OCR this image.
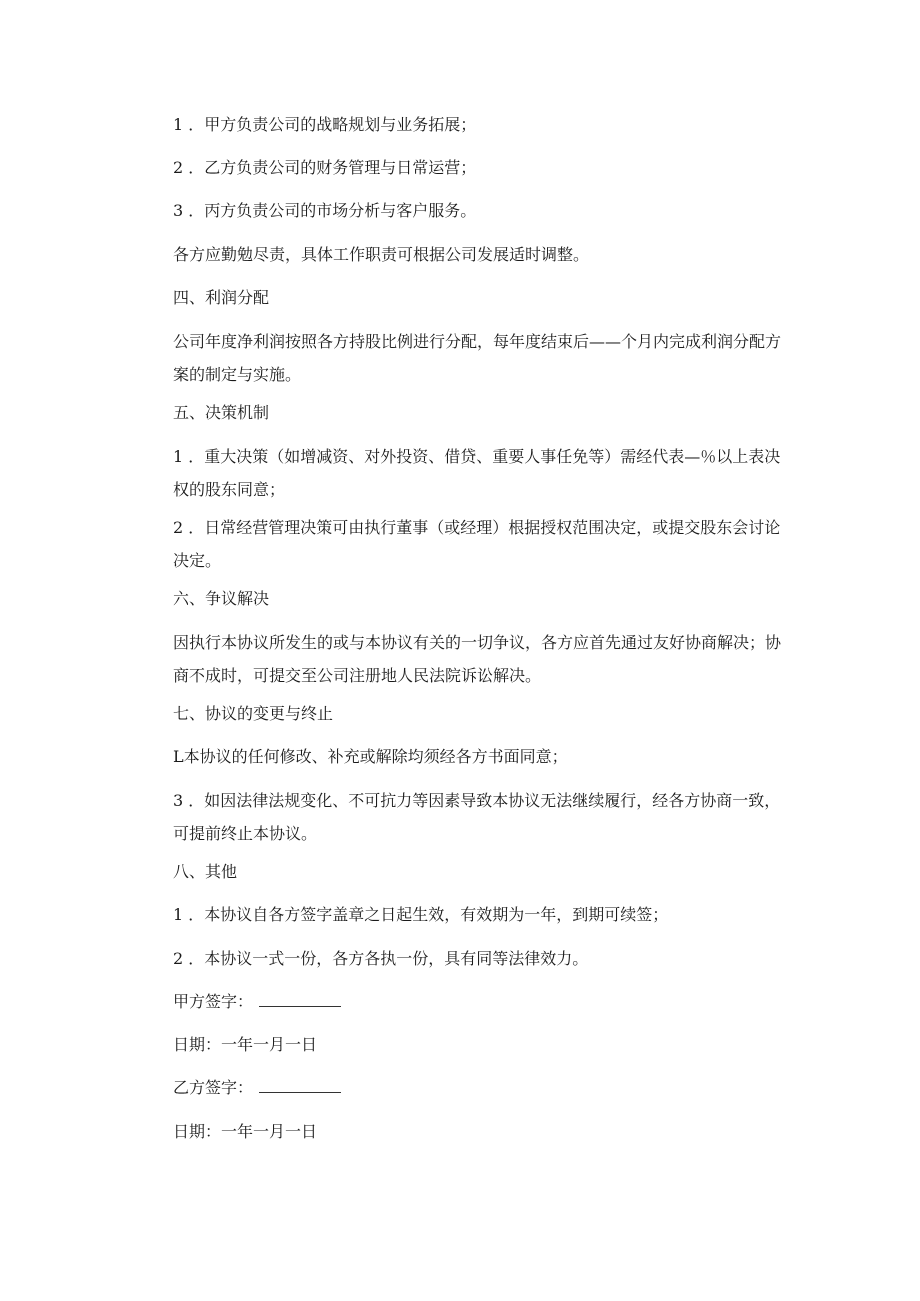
1 ．甲方负责公司的战略规划与业务拓展；

2 ．乙方负责公司的财务管理与日常运营；

3 ．丙方负责公司的市场分析与客户服务。

各方应勤勉尽责，具体工作职责可根据公司发展适时调整。

四、利润分配

公司年度净利润按照各方持股比例进行分配，每年度结束后——个月内完成利润分配方案的制定与实施。

五、决策机制

1 ．重大决策（如增减资、对外投资、借贷、重要人事任免等）需经代表—％以上表决权的股东同意；

2 ．日常经营管理决策可由执行董事（或经理）根据授权范围决定，或提交股东会讨论决定。

六、争议解决

因执行本协议所发生的或与本协议有关的一切争议，各方应首先通过友好协商解决；协商不成时，可提交至公司注册地人民法院诉讼解决。

七、协议的变更与终止

L本协议的任何修改、补充或解除均须经各方书面同意；

3 ．如因法律法规变化、不可抗力等因素导致本协议无法继续履行，经各方协商一致，可提前终止本协议。

八、其他

1 ．本协议自各方签字盖章之日起生效，有效期为一年，到期可续签；

2 ．本协议一式一份，各方各执一份，具有同等法律效力。

甲方签字：
日期：一年一月一日
乙方签字：
日期：一年一月一日
